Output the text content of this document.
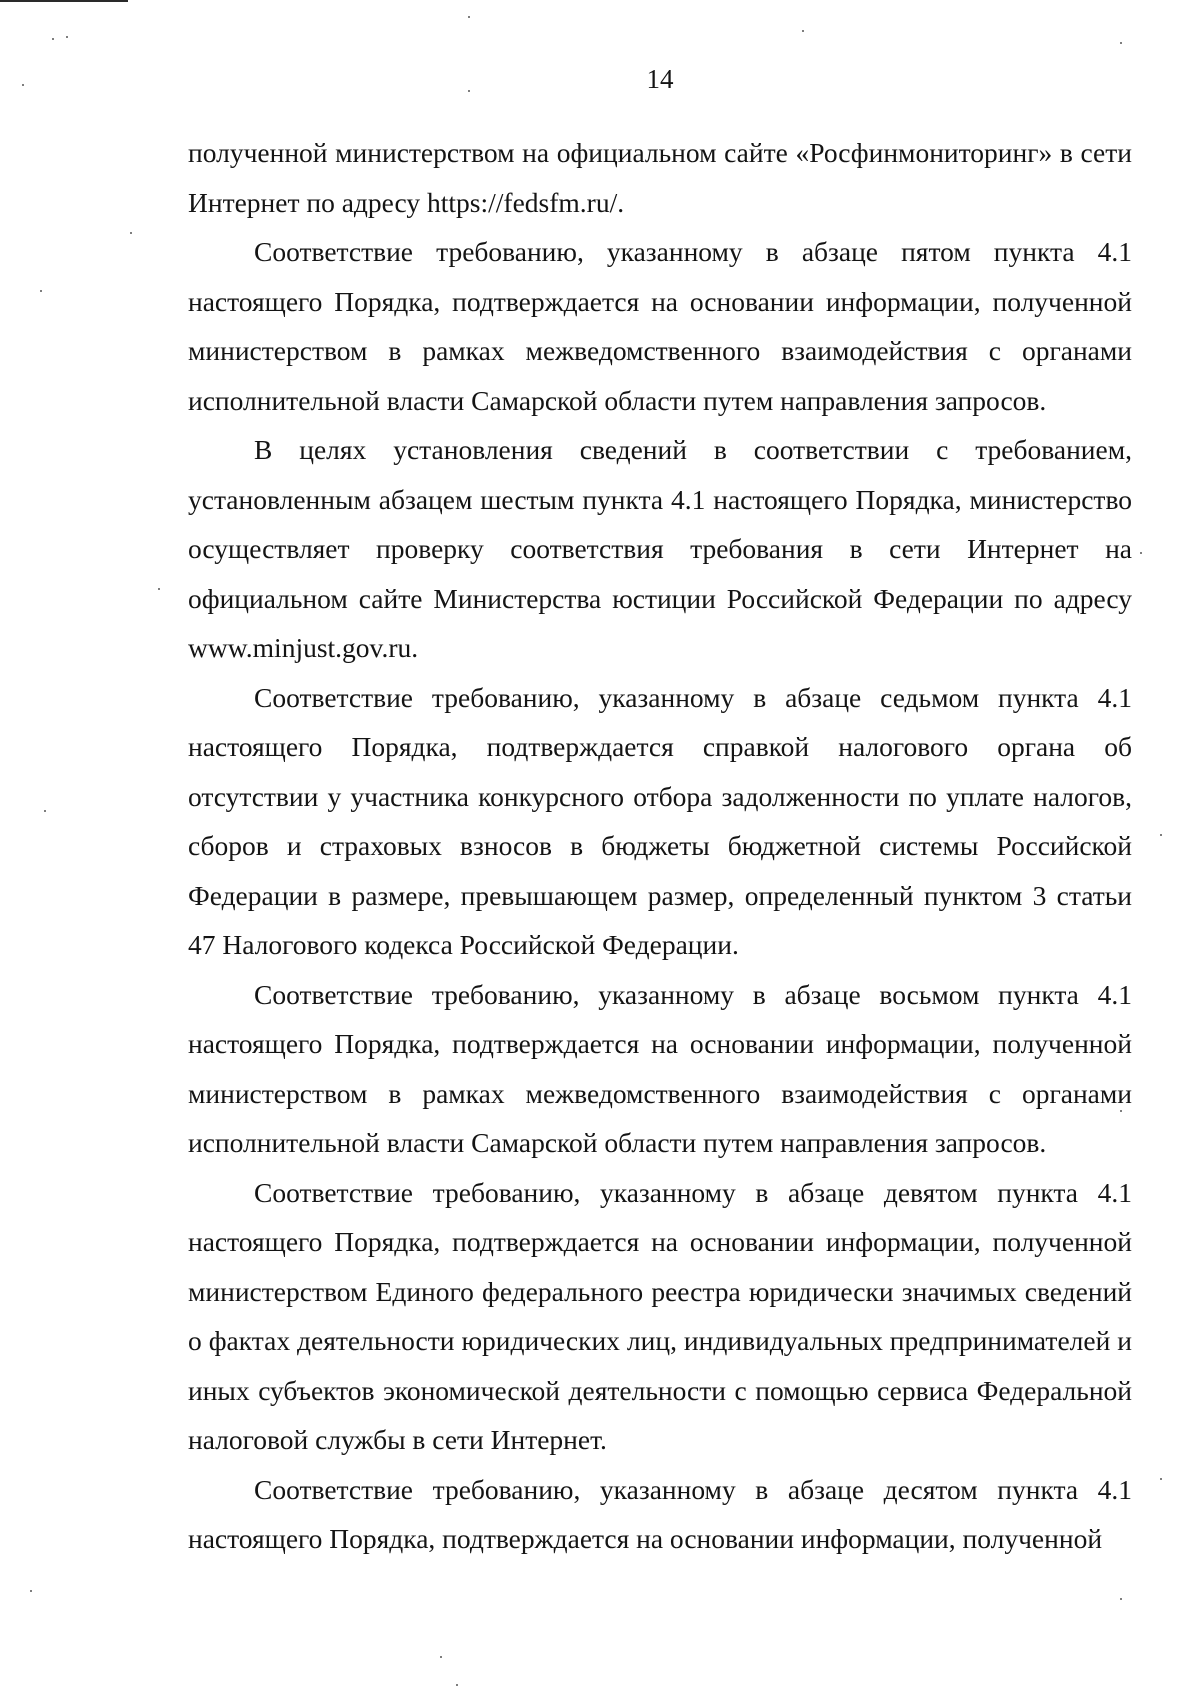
14

полученной министерством на официальном сайте «Росфинмониторинг» в сети Интернет по адресу https://fedsfm.ru/.

Соответствие требованию, указанному в абзаце пятом пункта 4.1 настоящего Порядка, подтверждается на основании информации, полученной министерством в рамках межведомственного взаимодействия с органами исполнительной власти Самарской области путем направления запросов.

В целях установления сведений в соответствии с требованием, установленным абзацем шестым пункта 4.1 настоящего Порядка, министерство осуществляет проверку соответствия требования в сети Интернет на официальном сайте Министерства юстиции Российской Федерации по адресу www.minjust.gov.ru.

Соответствие требованию, указанному в абзаце седьмом пункта 4.1 настоящего Порядка, подтверждается справкой налогового органа об отсутствии у участника конкурсного отбора задолженности по уплате налогов, сборов и страховых взносов в бюджеты бюджетной системы Российской Федерации в размере, превышающем размер, определенный пунктом 3 статьи 47 Налогового кодекса Российской Федерации.

Соответствие требованию, указанному в абзаце восьмом пункта 4.1 настоящего Порядка, подтверждается на основании информации, полученной министерством в рамках межведомственного взаимодействия с органами исполнительной власти Самарской области путем направления запросов.

Соответствие требованию, указанному в абзаце девятом пункта 4.1 настоящего Порядка, подтверждается на основании информации, полученной министерством Единого федерального реестра юридически значимых сведений о фактах деятельности юридических лиц, индивидуальных предпринимателей и иных субъектов экономической деятельности с помощью сервиса Федеральной налоговой службы в сети Интернет.

Соответствие требованию, указанному в абзаце десятом пункта 4.1 настоящего Порядка, подтверждается на основании информации, полученной
